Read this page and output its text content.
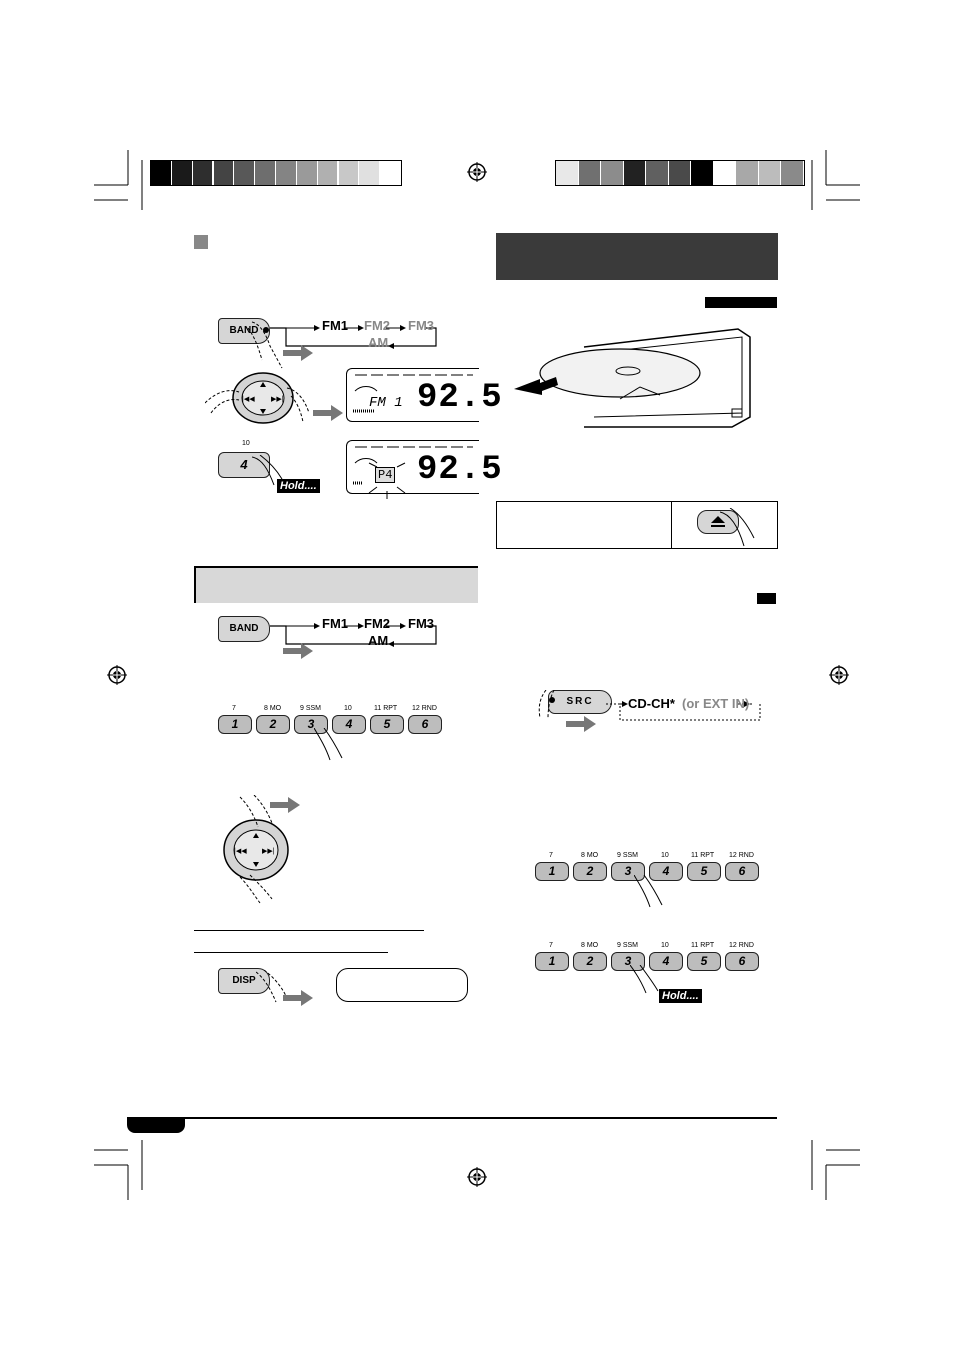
BAND	FM1 FM2 FM3
AM
|◀◀ ▶▶|	FM 1 92.5
10
4
Hold....
P4 92.5
BAND	FM1 FM2 FM3
AM
7	8 MO	9 SSM	10	11 RPT 12 RND
1	2	3	4	5	6
|◀◀ ▶▶|
DISP
SRC	CD-CH* (or EXT IN)
7	8 MO	9 SSM	10	11 RPT 12 RND
1	2	3	4	5	6
7	8 MO	9 SSM	10	11 RPT 12 RND
1	2	3	4	5	6
Hold....
